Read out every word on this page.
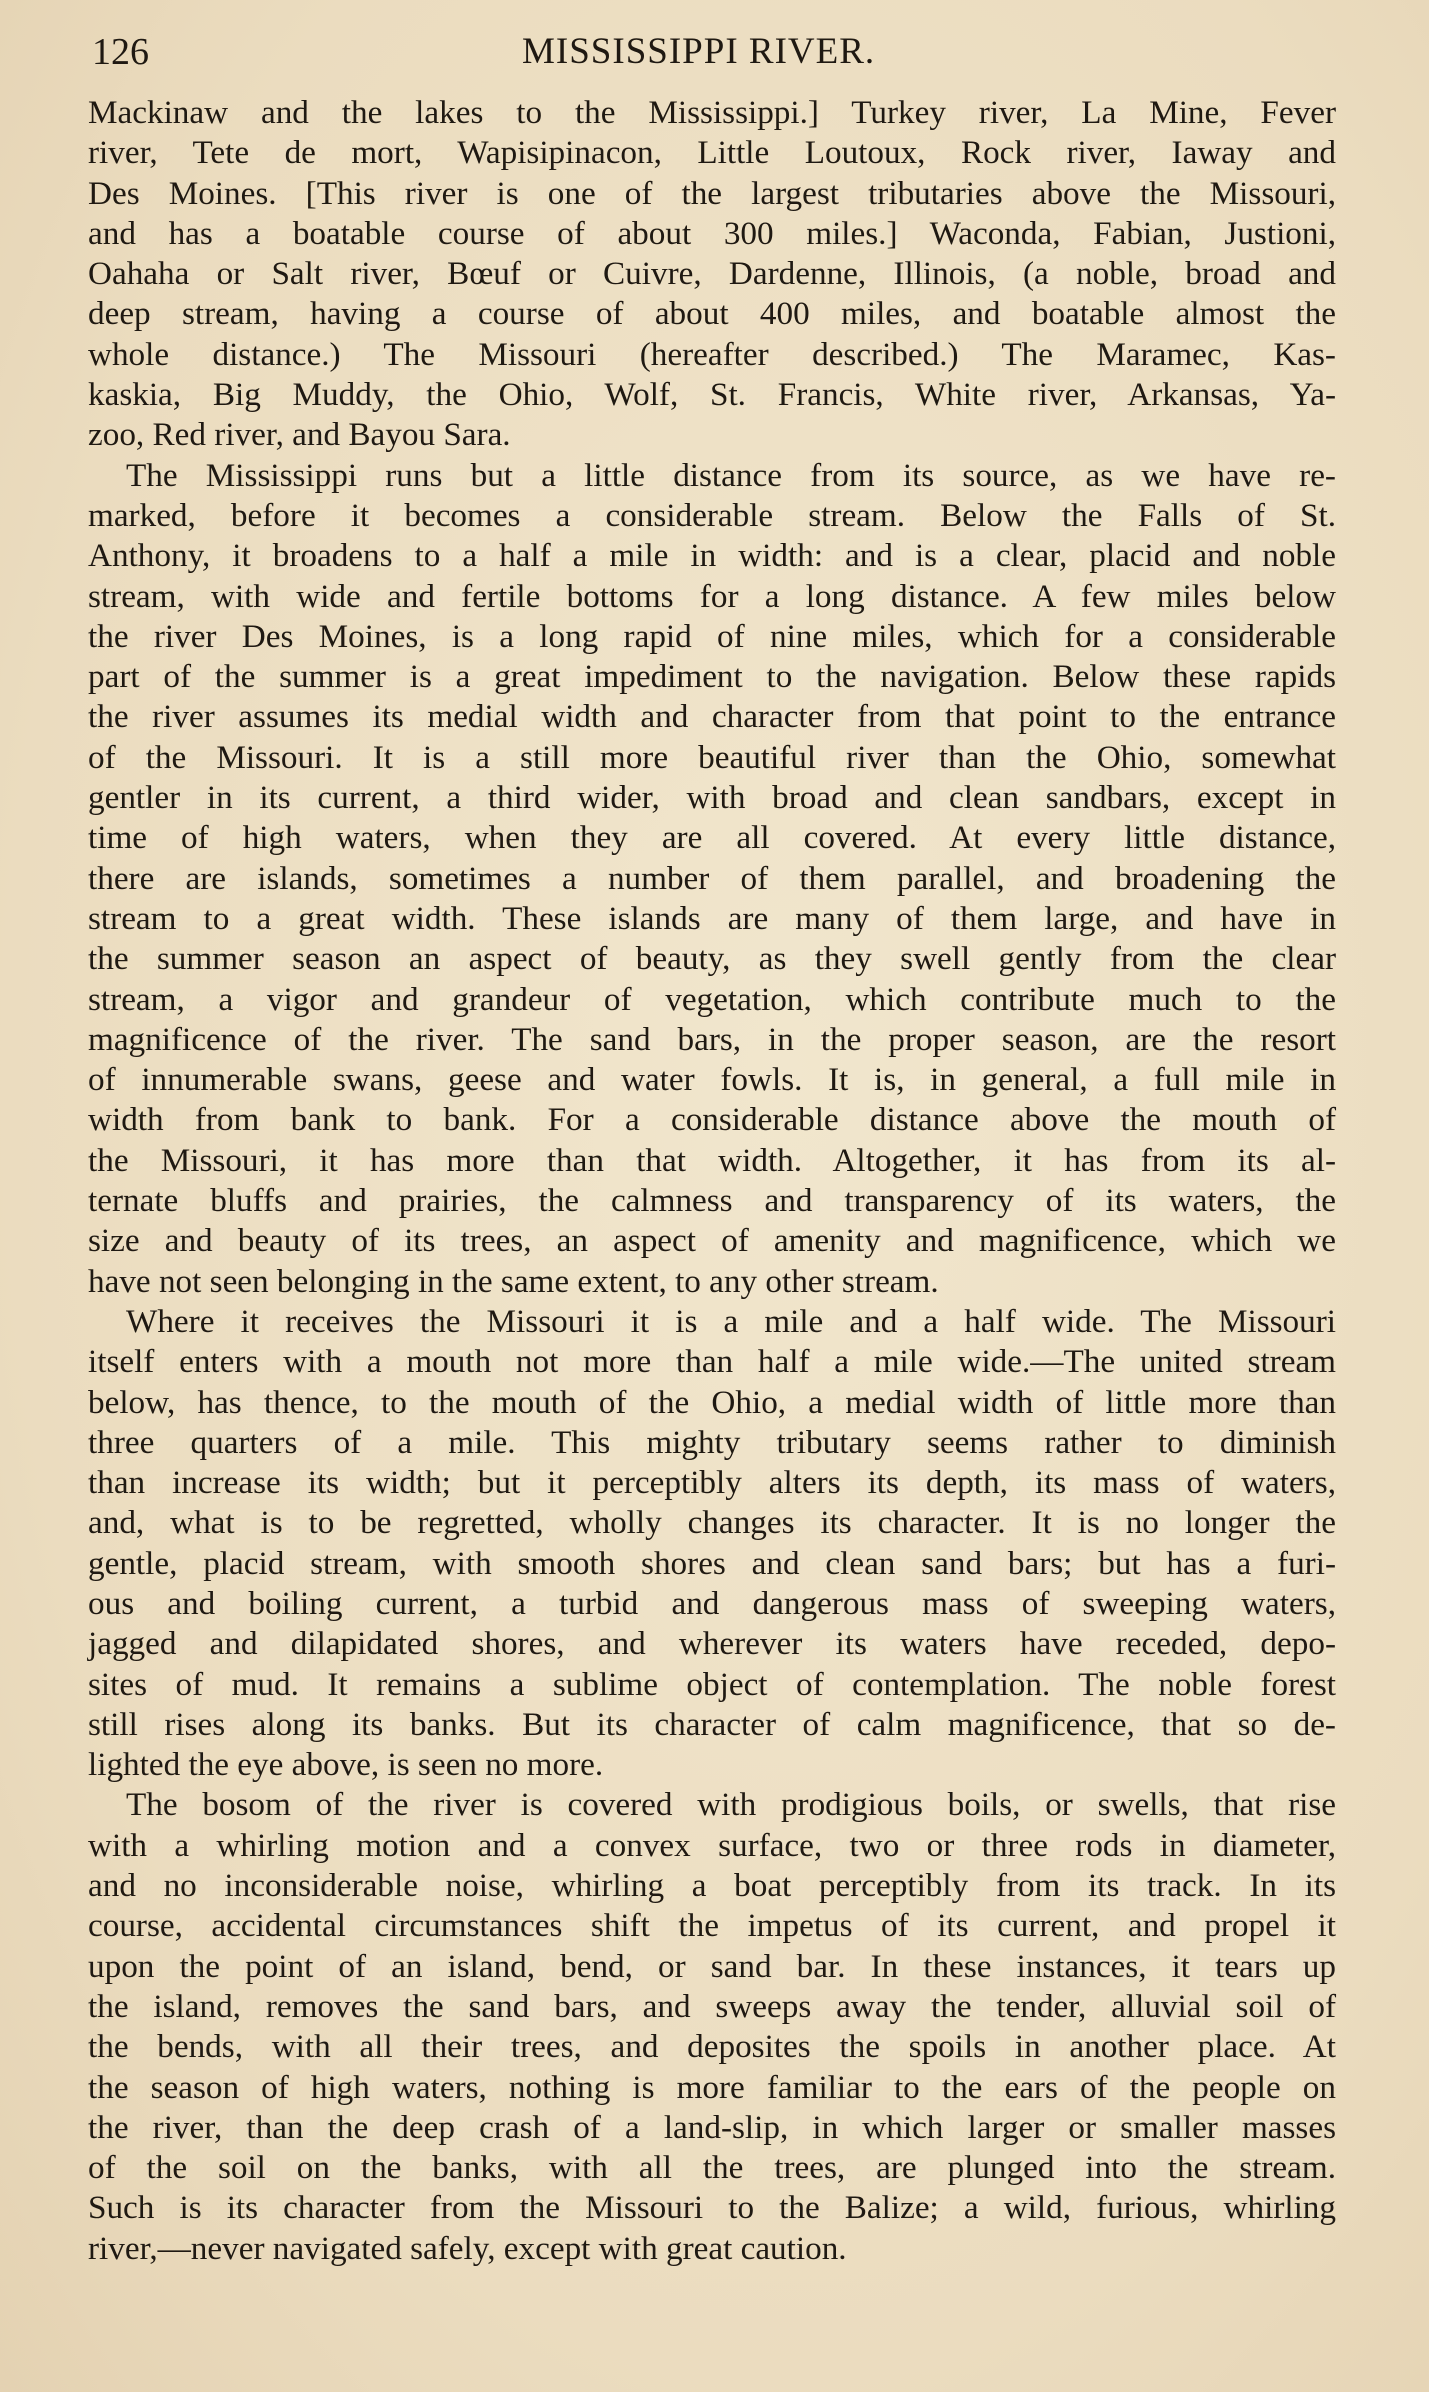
126	MISSISSIPPI RIVER.

Mackinaw and the lakes to the Mississippi.] Turkey river, La Mine, Fever

river, Tete de mort, Wapisipinacon, Little Loutoux, Rock river, Iaway and

Des Moines. [This river is one of the largest tributaries above the Missouri,

and has a boatable course of about 300 miles.] Waconda, Fabian, Justioni,

Oahaha or Salt river, Bœuf or Cuivre, Dardenne, Illinois, (a noble, broad and

deep stream, having a course of about 400 miles, and boatable almost the

whole distance.) The Missouri (hereafter described.) The Maramec, Kas-

kaskia, Big Muddy, the Ohio, Wolf, St. Francis, White river, Arkansas, Ya-

zoo, Red river, and Bayou Sara.

The Mississippi runs but a little distance from its source, as we have re-

marked, before it becomes a considerable stream. Below the Falls of St.

Anthony, it broadens to a half a mile in width: and is a clear, placid and noble

stream, with wide and fertile bottoms for a long distance. A few miles below

the river Des Moines, is a long rapid of nine miles, which for a considerable

part of the summer is a great impediment to the navigation. Below these rapids

the river assumes its medial width and character from that point to the entrance

of the Missouri. It is a still more beautiful river than the Ohio, somewhat

gentler in its current, a third wider, with broad and clean sandbars, except in

time of high waters, when they are all covered. At every little distance,

there are islands, sometimes a number of them parallel, and broadening the

stream to a great width. These islands are many of them large, and have in

the summer season an aspect of beauty, as they swell gently from the clear

stream, a vigor and grandeur of vegetation, which contribute much to the

magnificence of the river. The sand bars, in the proper season, are the resort

of innumerable swans, geese and water fowls. It is, in general, a full mile in

width from bank to bank. For a considerable distance above the mouth of

the Missouri, it has more than that width. Altogether, it has from its al-

ternate bluffs and prairies, the calmness and transparency of its waters, the

size and beauty of its trees, an aspect of amenity and magnificence, which we

have not seen belonging in the same extent, to any other stream.

Where it receives the Missouri it is a mile and a half wide. The Missouri

itself enters with a mouth not more than half a mile wide.—The united stream

below, has thence, to the mouth of the Ohio, a medial width of little more than

three quarters of a mile. This mighty tributary seems rather to diminish

than increase its width; but it perceptibly alters its depth, its mass of waters,

and, what is to be regretted, wholly changes its character. It is no longer the

gentle, placid stream, with smooth shores and clean sand bars; but has a furi-

ous and boiling current, a turbid and dangerous mass of sweeping waters,

jagged and dilapidated shores, and wherever its waters have receded, depo-

sites of mud. It remains a sublime object of contemplation. The noble forest

still rises along its banks. But its character of calm magnificence, that so de-

lighted the eye above, is seen no more.

The bosom of the river is covered with prodigious boils, or swells, that rise

with a whirling motion and a convex surface, two or three rods in diameter,

and no inconsiderable noise, whirling a boat perceptibly from its track. In its

course, accidental circumstances shift the impetus of its current, and propel it

upon the point of an island, bend, or sand bar. In these instances, it tears up

the island, removes the sand bars, and sweeps away the tender, alluvial soil of

the bends, with all their trees, and deposites the spoils in another place. At

the season of high waters, nothing is more familiar to the ears of the people on

the river, than the deep crash of a land-slip, in which larger or smaller masses

of the soil on the banks, with all the trees, are plunged into the stream.

Such is its character from the Missouri to the Balize; a wild, furious, whirling

river,—never navigated safely, except with great caution.
